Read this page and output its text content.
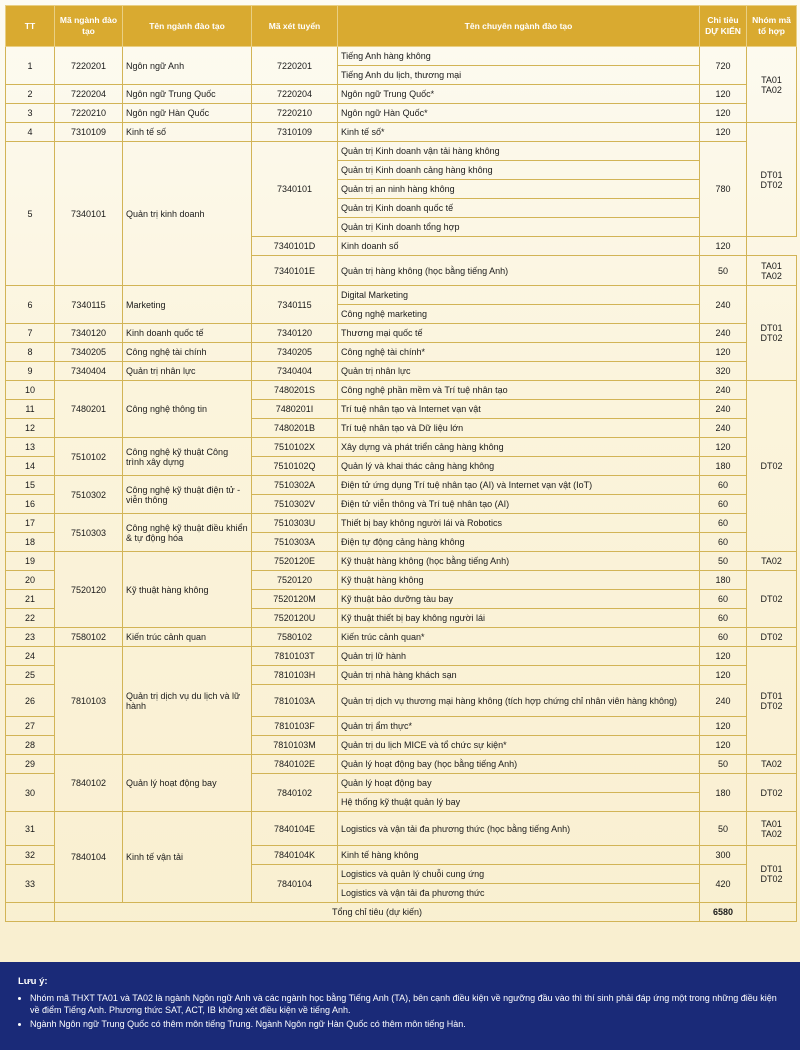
TT	Mã ngành đào tạo	Tên ngành đào tạo	Mã xét tuyển	Tên chuyên ngành đào tạo	Chỉ tiêu DỰ KIẾN	Nhóm mã tổ hợp
1	7220201	Ngôn ngữ Anh	7220201	Tiếng Anh hàng không	720	TA01 TA02
				Tiếng Anh du lịch, thương mại		
2	7220204	Ngôn ngữ Trung Quốc	7220204	Ngôn ngữ Trung Quốc*	120	
3	7220210	Ngôn ngữ Hàn Quốc	7220210	Ngôn ngữ Hàn Quốc*	120	
4	7310109	Kinh tế số	7310109	Kinh tế số*	120	DT01 DT02
5	7340101	Quản trị kinh doanh	7340101	Quản trị Kinh doanh vận tải hàng không	780	
				Quản trị Kinh doanh cảng hàng không		
				Quản trị an ninh hàng không		
				Quản trị Kinh doanh quốc tế		
				Quản trị Kinh doanh tổng hợp		
			7340101D	Kinh doanh số	120	
			7340101E	Quản trị hàng không (học bằng tiếng Anh)	50	TA01 TA02
6	7340115	Marketing	7340115	Digital Marketing	240	DT01 DT02
				Công nghệ marketing		
7	7340120	Kinh doanh quốc tế	7340120	Thương mại quốc tế	240	
8	7340205	Công nghệ tài chính	7340205	Công nghệ tài chính*	120	
9	7340404	Quản trị nhân lực	7340404	Quản trị nhân lực	320	
10	7480201	Công nghệ thông tin	7480201S	Công nghệ phần mềm và Trí tuệ nhân tạo	240	DT02
11			7480201I	Trí tuệ nhân tạo và Internet vạn vật	240	
12			7480201B	Trí tuệ nhân tạo và Dữ liệu lớn	240	
13	7510102	Công nghệ kỹ thuật Công trình xây dựng	7510102X	Xây dựng và phát triển cảng hàng không	120	
14			7510102Q	Quản lý và khai thác cảng hàng không	180	
15	7510302	Công nghệ kỹ thuật điện tử - viễn thông	7510302A	Điện tử ứng dụng Trí tuệ nhân tạo (AI) và Internet vạn vật (IoT)	60	
16			7510302V	Điện tử viễn thông và Trí tuệ nhân tạo (AI)	60	
17	7510303	Công nghệ kỹ thuật điều khiển & tự động hóa	7510303U	Thiết bị bay không người lái và Robotics	60	
18			7510303A	Điện tự động cảng hàng không	60	
19	7520120	Kỹ thuật hàng không	7520120E	Kỹ thuật hàng không (học bằng tiếng Anh)	50	TA02
20			7520120	Kỹ thuật hàng không	180	DT02
21			7520120M	Kỹ thuật bảo dưỡng tàu bay	60	
22			7520120U	Kỹ thuật thiết bị bay không người lái	60	
23	7580102	Kiến trúc cảnh quan	7580102	Kiến trúc cảnh quan*	60	DT02
24	7810103	Quản trị dịch vụ du lịch và lữ hành	7810103T	Quản trị lữ hành	120	DT01 DT02
25			7810103H	Quản trị nhà hàng khách sạn	120	
26			7810103A	Quản trị dịch vụ thương mại hàng không (tích hợp chứng chỉ nhân viên hàng không)	240	
27			7810103F	Quản trị ẩm thực*	120	
28			7810103M	Quản trị du lịch MICE và tổ chức sự kiện*	120	
29	7840102	Quản lý hoạt động bay	7840102E	Quản lý hoạt động bay (học bằng tiếng Anh)	50	TA02
30			7840102	Quản lý hoạt động bay	180	DT02
				Hệ thống kỹ thuật quản lý bay		
31	7840104	Kinh tế vận tải	7840104E	Logistics và vận tải đa phương thức (học bằng tiếng Anh)	50	TA01 TA02
32			7840104K	Kinh tế hàng không	300	DT01 DT02
33			7840104	Logistics và quản lý chuỗi cung ứng	420	
				Logistics và vận tải đa phương thức		
	Tổng chỉ tiêu (dự kiến)				6580	
Lưu ý:
• Nhóm mã THXT TA01 và TA02 là ngành Ngôn ngữ Anh và các ngành học bằng Tiếng Anh (TA), bên cạnh điều kiện về ngưỡng đầu vào thì thí sinh phải đáp ứng một trong những điều kiện về điểm Tiếng Anh. Phương thức SAT, ACT, IB không xét điều kiện về tiếng Anh.
• Ngành Ngôn ngữ Trung Quốc có thêm môn tiếng Trung. Ngành Ngôn ngữ Hàn Quốc có thêm môn tiếng Hàn.
